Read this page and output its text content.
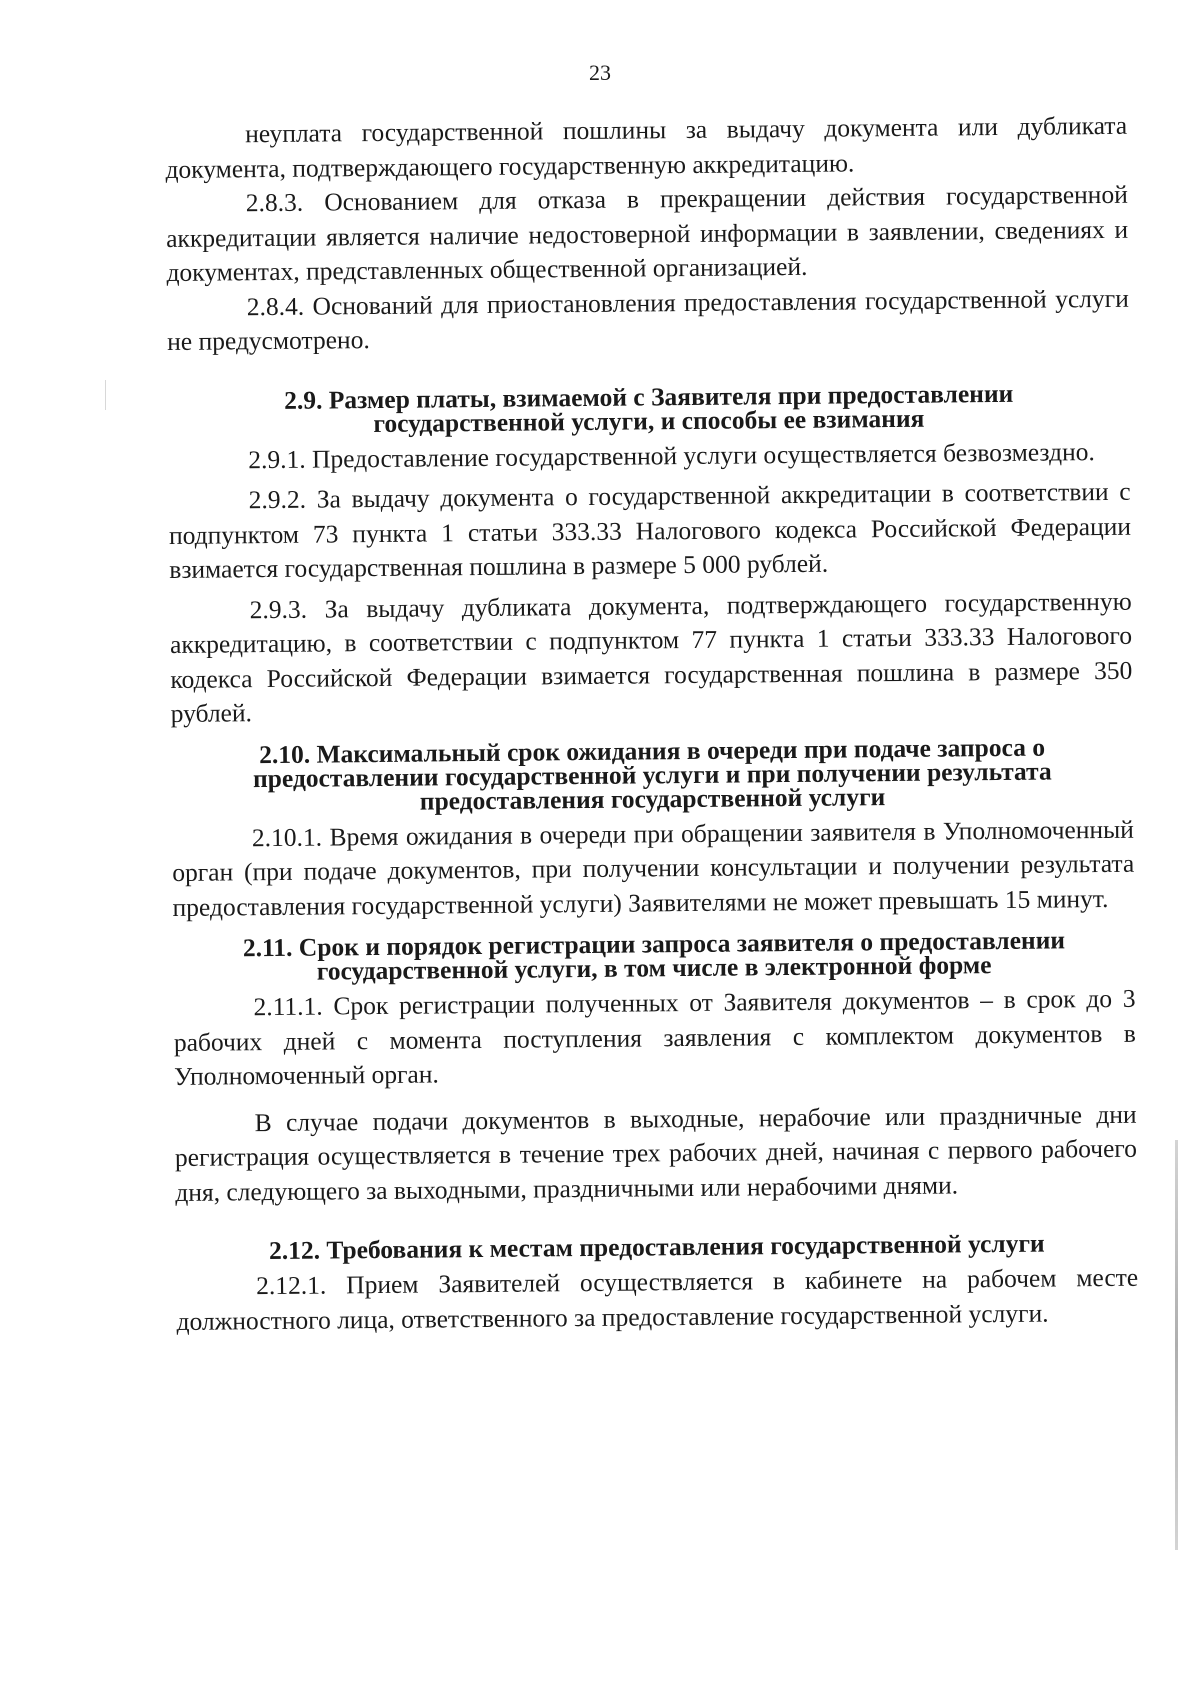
23

неуплата государственной пошлины за выдачу документа или дубликата документа, подтверждающего государственную аккредитацию.

2.8.3. Основанием для отказа в прекращении действия государственной аккредитации является наличие недостоверной информации в заявлении, сведениях и документах, представленных общественной организацией.

2.8.4. Оснований для приостановления предоставления государственной услуги не предусмотрено.

2.9. Размер платы, взимаемой с Заявителя при предоставлении государственной услуги, и способы ее взимания

2.9.1. Предоставление государственной услуги осуществляется безвозмездно.

2.9.2. За выдачу документа о государственной аккредитации в соответствии с подпунктом 73 пункта 1 статьи 333.33 Налогового кодекса Российской Федерации взимается государственная пошлина в размере 5 000 рублей.

2.9.3. За выдачу дубликата документа, подтверждающего государственную аккредитацию, в соответствии с подпунктом 77 пункта 1 статьи 333.33 Налогового кодекса Российской Федерации взимается государственная пошлина в размере 350 рублей.

2.10. Максимальный срок ожидания в очереди при подаче запроса о предоставлении государственной услуги и при получении результата предоставления государственной услуги

2.10.1. Время ожидания в очереди при обращении заявителя в Уполномоченный орган (при подаче документов, при получении консультации и получении результата предоставления государственной услуги) Заявителями не может превышать 15 минут.

2.11. Срок и порядок регистрации запроса заявителя о предоставлении государственной услуги, в том числе в электронной форме

2.11.1. Срок регистрации полученных от Заявителя документов – в срок до 3 рабочих дней с момента поступления заявления с комплектом документов в Уполномоченный орган.

В случае подачи документов в выходные, нерабочие или праздничные дни регистрация осуществляется в течение трех рабочих дней, начиная с первого рабочего дня, следующего за выходными, праздничными или нерабочими днями.

2.12. Требования к местам предоставления государственной услуги

2.12.1. Прием Заявителей осуществляется в кабинете на рабочем месте должностного лица, ответственного за предоставление государственной услуги.
